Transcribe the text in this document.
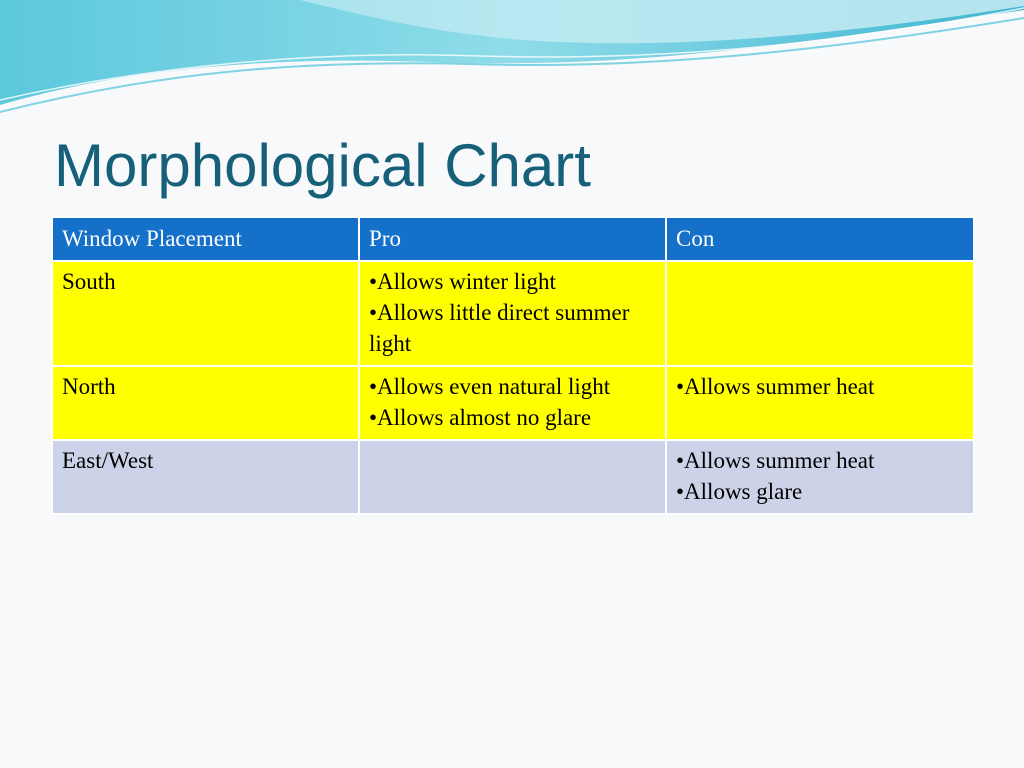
Morphological Chart
Window Placement	Pro	Con
South	•Allows winter light
•Allows little direct summer light	

North	•Allows even natural light
•Allows almost no glare	•Allows summer heat

East/West		•Allows summer heat
•Allows glare
